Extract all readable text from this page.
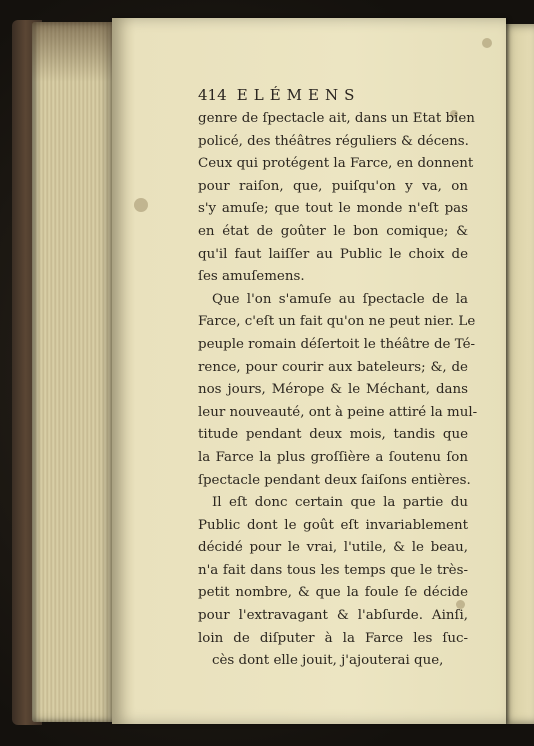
414 ELÉMENS
genre de ſpectacle ait, dans un Etat bien
policé, des théâtres réguliers & décens.
Ceux qui protégent la Farce, en donnent
pour raiſon, que, puiſqu'on y va, on
s'y amuſe; que tout le monde n'eſt pas
en état de goûter le bon comique; &
qu'il faut laiſſer au Public le choix de
ſes amuſemens.
Que l'on s'amuſe au ſpectacle de la
Farce, c'eſt un fait qu'on ne peut nier. Le
peuple romain déſertoit le théâtre de Té-
rence, pour courir aux bateleurs; &, de
nos jours, Mérope & le Méchant, dans
leur nouveauté, ont à peine attiré la mul-
titude pendant deux mois, tandis que
la Farce la plus groſſière a ſoutenu ſon
ſpectacle pendant deux ſaiſons entières.
Il eſt donc certain que la partie du
Public dont le goût eſt invariablement
décidé pour le vrai, l'utile, & le beau,
n'a fait dans tous les temps que le très-
petit nombre, & que la foule ſe décide
pour l'extravagant & l'abſurde. Ainſi,
loin de diſputer à la Farce les ſuc-
cès dont elle jouit, j'ajouterai que,
